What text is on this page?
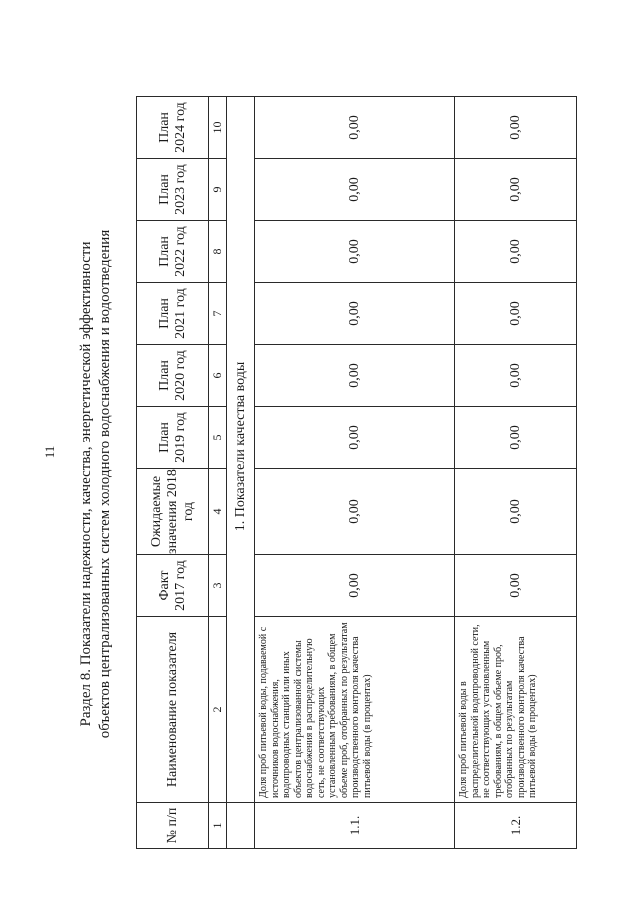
11 Раздел 8. Показатели надежности, качества, энергетической эффективности объектов централизованных систем холодного водоснабжения и водоотведения
№ п/п	Наименование показателя	Факт 2017 год	Ожидаемые значения 2018 год	План 2019 год	План 2020 год	План 2021 год	План 2022 год	План 2023 год	План 2024 год
1	2	3	4	5	6	7	8	9	10
	1. Показатели качества воды								
1.1.	Доля проб питьевой воды, подаваемой с источников водоснабжения, водопроводных станций или иных объектов централизованной системы водоснабжения в распределительную сеть, не соответствующих установленным требованиям, в общем объеме проб, отобранных по результатам производственного контроля качества питьевой воды (в процентах)	0,00	0,00	0,00	0,00	0,00	0,00	0,00	0,00
1.2.	Доля проб питьевой воды в распределительной водопроводной сети, не соответствующих установленным требованиям, в общем объеме проб, отобранных по результатам производственного контроля качества питьевой воды (в процентах)	0,00	0,00	0,00	0,00	0,00	0,00	0,00	0,00
